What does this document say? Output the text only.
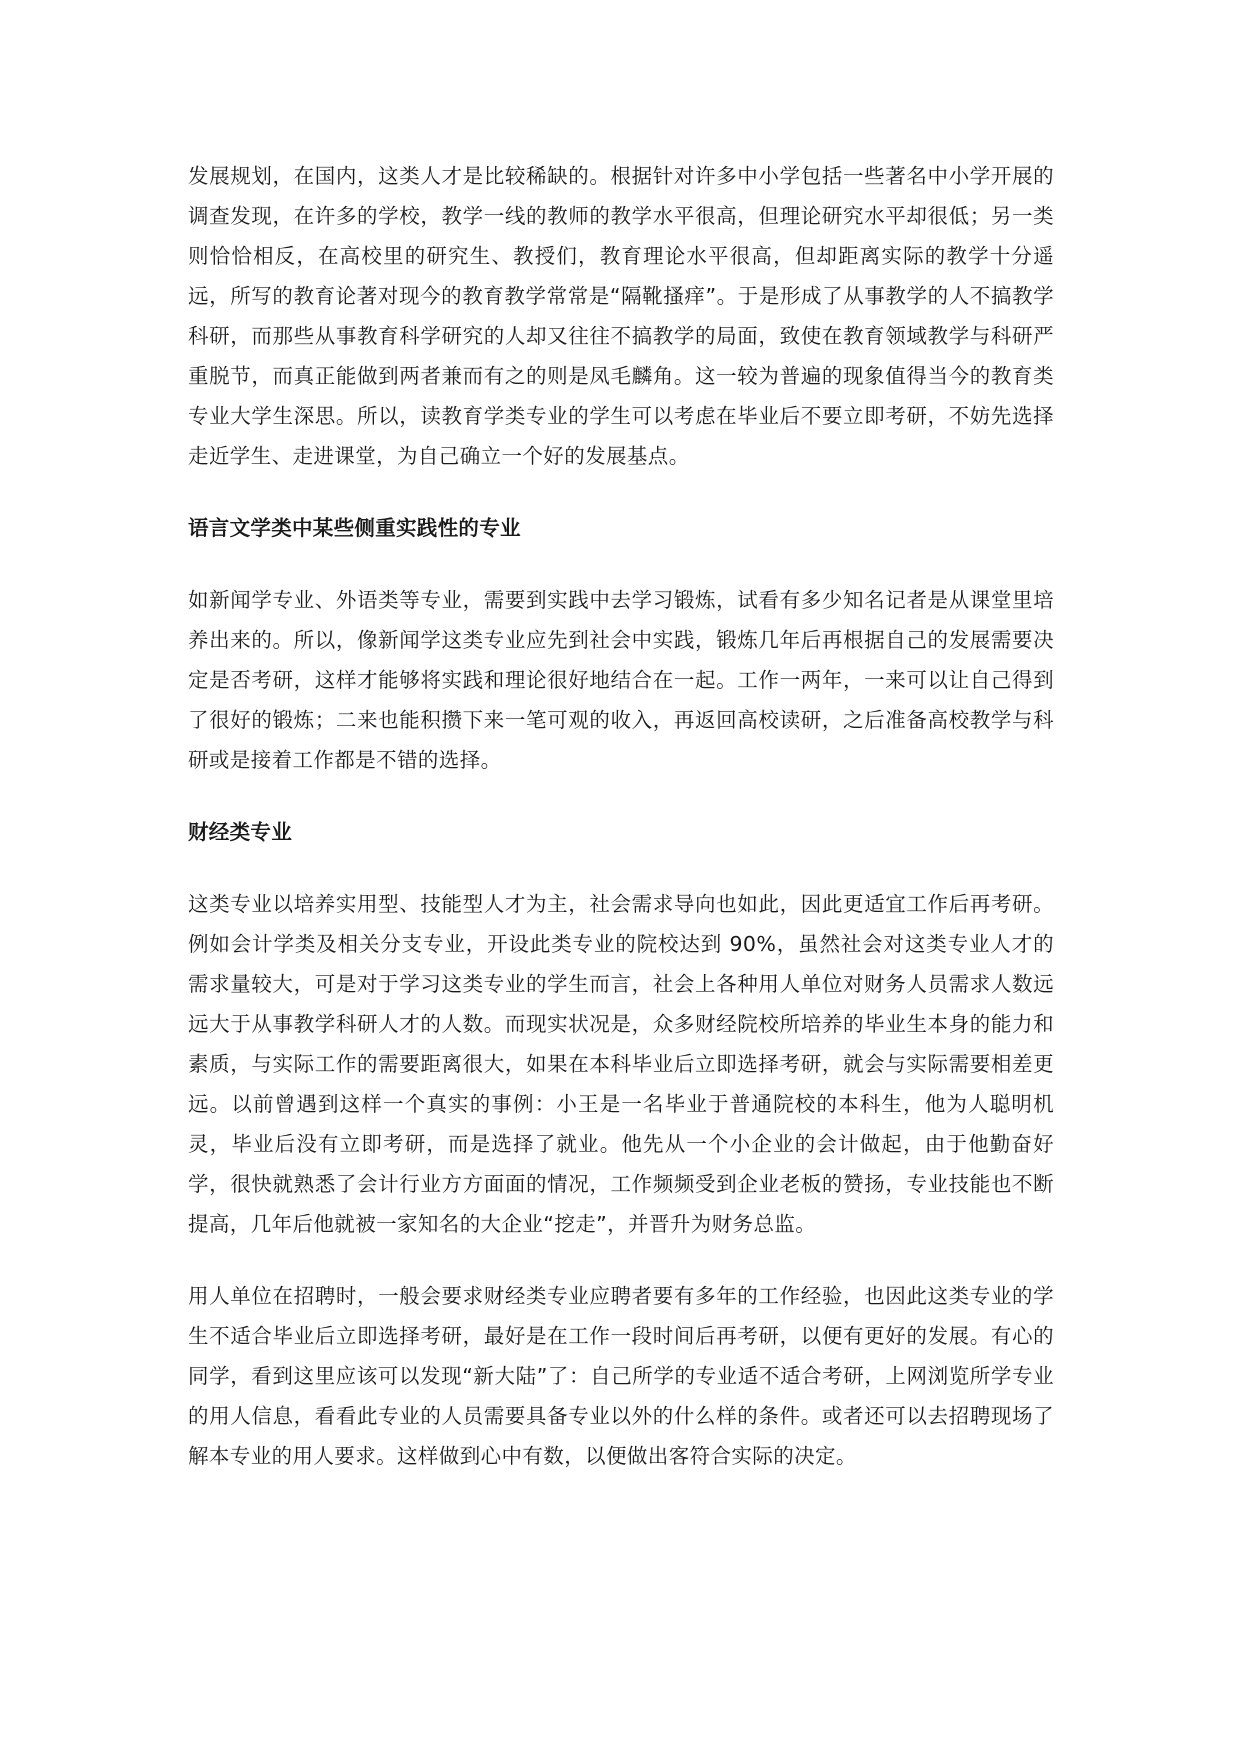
发展规划，在国内，这类人才是比较稀缺的。根据针对许多中小学包括一些著名中小学开展的调查发现，在许多的学校，教学一线的教师的教学水平很高，但理论研究水平却很低；另一类则恰恰相反，在高校里的研究生、教授们，教育理论水平很高，但却距离实际的教学十分遥远，所写的教育论著对现今的教育教学常常是“隔靴搔痒”。于是形成了从事教学的人不搞教学科研，而那些从事教育科学研究的人却又往往不搞教学的局面，致使在教育领域教学与科研严重脱节，而真正能做到两者兼而有之的则是凤毛麟角。这一较为普遍的现象值得当今的教育类专业大学生深思。所以，读教育学类专业的学生可以考虑在毕业后不要立即考研，不妨先选择走近学生、走进课堂，为自己确立一个好的发展基点。

语言文学类中某些侧重实践性的专业

如新闻学专业、外语类等专业，需要到实践中去学习锻炼，试看有多少知名记者是从课堂里培养出来的。所以，像新闻学这类专业应先到社会中实践，锻炼几年后再根据自己的发展需要决定是否考研，这样才能够将实践和理论很好地结合在一起。工作一两年，一来可以让自己得到了很好的锻炼；二来也能积攒下来一笔可观的收入，再返回高校读研，之后准备高校教学与科研或是接着工作都是不错的选择。

财经类专业

这类专业以培养实用型、技能型人才为主，社会需求导向也如此，因此更适宜工作后再考研。例如会计学类及相关分支专业，开设此类专业的院校达到 90%，虽然社会对这类专业人才的需求量较大，可是对于学习这类专业的学生而言，社会上各种用人单位对财务人员需求人数远远大于从事教学科研人才的人数。而现实状况是，众多财经院校所培养的毕业生本身的能力和素质，与实际工作的需要距离很大，如果在本科毕业后立即选择考研，就会与实际需要相差更远。以前曾遇到这样一个真实的事例：小王是一名毕业于普通院校的本科生，他为人聪明机灵，毕业后没有立即考研，而是选择了就业。他先从一个小企业的会计做起，由于他勤奋好学，很快就熟悉了会计行业方方面面的情况，工作频频受到企业老板的赞扬，专业技能也不断提高，几年后他就被一家知名的大企业“挖走”，并晋升为财务总监。

用人单位在招聘时，一般会要求财经类专业应聘者要有多年的工作经验，也因此这类专业的学生不适合毕业后立即选择考研，最好是在工作一段时间后再考研，以便有更好的发展。有心的同学，看到这里应该可以发现“新大陆”了：自己所学的专业适不适合考研，上网浏览所学专业的用人信息，看看此专业的人员需要具备专业以外的什么样的条件。或者还可以去招聘现场了解本专业的用人要求。这样做到心中有数，以便做出客符合实际的决定。
